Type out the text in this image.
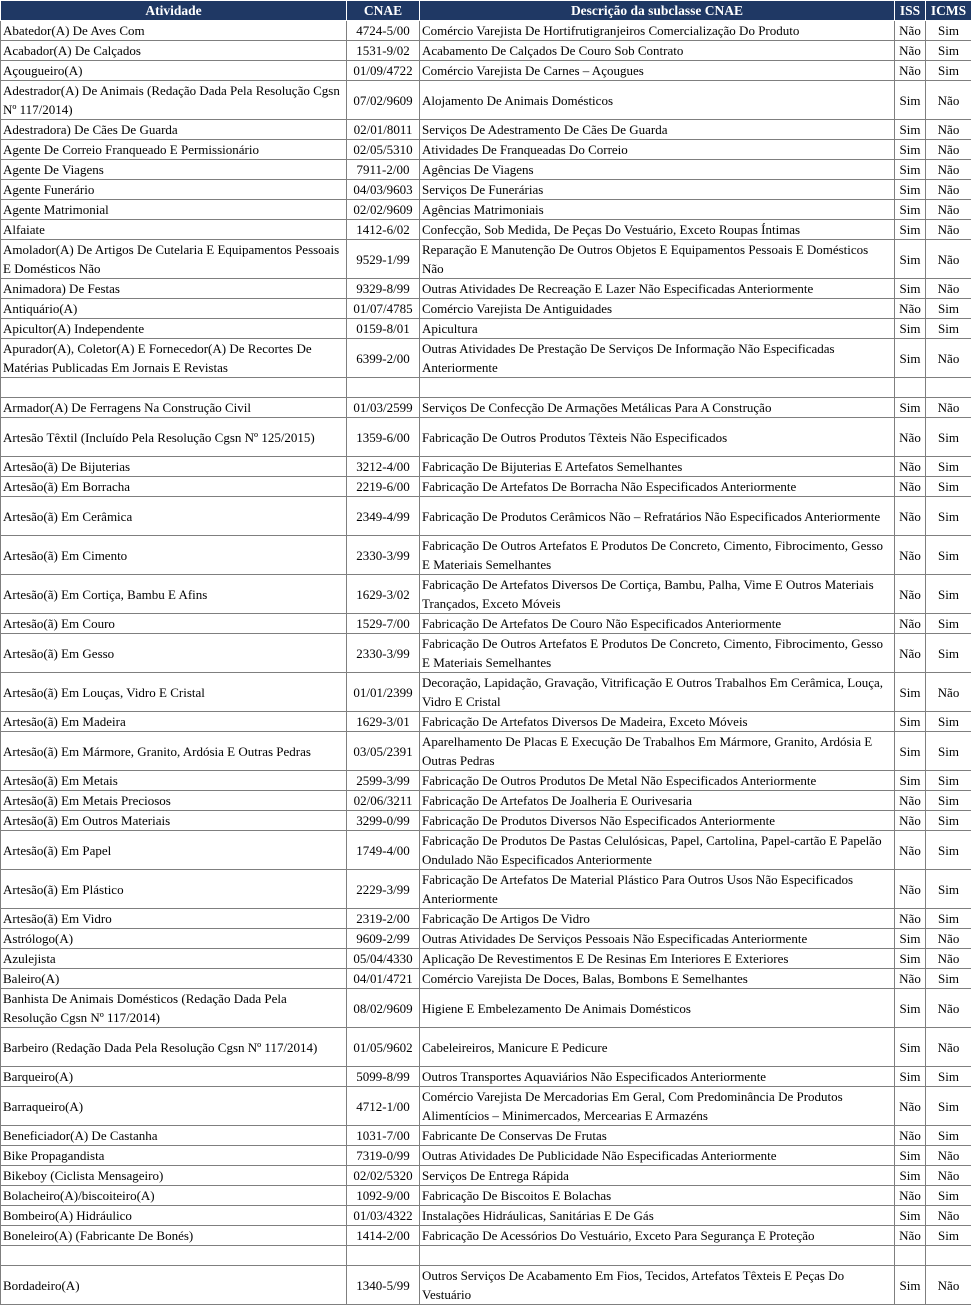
Atividade	CNAE	Descrição da subclasse CNAE	ISS	ICMS
Abatedor(A) De Aves Com	4724-5/00	Comércio Varejista De Hortifrutigranjeiros Comercialização Do Produto	Não	Sim
Acabador(A) De Calçados	1531-9/02	Acabamento De Calçados De Couro Sob Contrato	Não	Sim
Açougueiro(A)	01/09/4722	Comércio Varejista De Carnes – Açougues	Não	Sim
Adestrador(A) De Animais (Redação Dada Pela Resolução Cgsn Nº 117/2014)	07/02/9609	Alojamento De Animais Domésticos	Sim	Não
Adestradora) De Cães De Guarda	02/01/8011	Serviços De Adestramento De Cães De Guarda	Sim	Não
Agente De Correio Franqueado E Permissionário	02/05/5310	Atividades De Franqueadas Do Correio	Sim	Não
Agente De Viagens	7911-2/00	Agências De Viagens	Sim	Não
Agente Funerário	04/03/9603	Serviços De Funerárias	Sim	Não
Agente Matrimonial	02/02/9609	Agências Matrimoniais	Sim	Não
Alfaiate	1412-6/02	Confecção, Sob Medida, De Peças Do Vestuário, Exceto Roupas Íntimas	Sim	Não
Amolador(A) De Artigos De Cutelaria E Equipamentos Pessoais E Domésticos Não	9529-1/99	Reparação E Manutenção De Outros Objetos E Equipamentos Pessoais E Domésticos Não	Sim	Não
Animadora) De Festas	9329-8/99	Outras Atividades De Recreação E Lazer Não Especificadas Anteriormente	Sim	Não
Antiquário(A)	01/07/4785	Comércio Varejista De Antiguidades	Não	Sim
Apicultor(A) Independente	0159-8/01	Apicultura	Sim	Sim
Apurador(A), Coletor(A) E Fornecedor(A) De Recortes De Matérias Publicadas Em Jornais E Revistas	6399-2/00	Outras Atividades De Prestação De Serviços De Informação Não Especificadas Anteriormente	Sim	Não

Armador(A) De Ferragens Na Construção Civil	01/03/2599	Serviços De Confecção De Armações Metálicas Para A Construção	Sim	Não
Artesão Têxtil (Incluído Pela Resolução Cgsn Nº 125/2015)	1359-6/00	Fabricação De Outros Produtos Têxteis Não Especificados	Não	Sim
Artesão(ã) De Bijuterias	3212-4/00	Fabricação De Bijuterias E Artefatos Semelhantes	Não	Sim
Artesão(ã) Em Borracha	2219-6/00	Fabricação De Artefatos De Borracha Não Especificados Anteriormente	Não	Sim
Artesão(ã) Em Cerâmica	2349-4/99	Fabricação De Produtos Cerâmicos Não – Refratários Não Especificados Anteriormente	Não	Sim
Artesão(ã) Em Cimento	2330-3/99	Fabricação De Outros Artefatos E Produtos De Concreto, Cimento, Fibrocimento, Gesso E Materiais Semelhantes	Não	Sim
Artesão(ã) Em Cortiça, Bambu E Afins	1629-3/02	Fabricação De Artefatos Diversos De Cortiça, Bambu, Palha, Vime E Outros Materiais Trançados, Exceto Móveis	Não	Sim
Artesão(ã) Em Couro	1529-7/00	Fabricação De Artefatos De Couro Não Especificados Anteriormente	Não	Sim
Artesão(ã) Em Gesso	2330-3/99	Fabricação De Outros Artefatos E Produtos De Concreto, Cimento, Fibrocimento, Gesso E Materiais Semelhantes	Não	Sim
Artesão(ã) Em Louças, Vidro E Cristal	01/01/2399	Decoração, Lapidação, Gravação, Vitrificação E Outros Trabalhos Em Cerâmica, Louça, Vidro E Cristal	Sim	Não
Artesão(ã) Em Madeira	1629-3/01	Fabricação De Artefatos Diversos De Madeira, Exceto Móveis	Sim	Sim
Artesão(ã) Em Mármore, Granito, Ardósia E Outras Pedras	03/05/2391	Aparelhamento De Placas E Execução De Trabalhos Em Mármore, Granito, Ardósia E Outras Pedras	Sim	Sim
Artesão(ã) Em Metais	2599-3/99	Fabricação De Outros Produtos De Metal Não Especificados Anteriormente	Sim	Sim
Artesão(ã) Em Metais Preciosos	02/06/3211	Fabricação De Artefatos De Joalheria E Ourivesaria	Não	Sim
Artesão(ã) Em Outros Materiais	3299-0/99	Fabricação De Produtos Diversos Não Especificados Anteriormente	Não	Sim
Artesão(ã) Em Papel	1749-4/00	Fabricação De Produtos De Pastas Celulósicas, Papel, Cartolina, Papel-cartão E Papelão Ondulado Não Especificados Anteriormente	Não	Sim
Artesão(ã) Em Plástico	2229-3/99	Fabricação De Artefatos De Material Plástico Para Outros Usos Não Especificados Anteriormente	Não	Sim
Artesão(ã) Em Vidro	2319-2/00	Fabricação De Artigos De Vidro	Não	Sim
Astrólogo(A)	9609-2/99	Outras Atividades De Serviços Pessoais Não Especificadas Anteriormente	Sim	Não
Azulejista	05/04/4330	Aplicação De Revestimentos E De Resinas Em Interiores E Exteriores	Sim	Não
Baleiro(A)	04/01/4721	Comércio Varejista De Doces, Balas, Bombons E Semelhantes	Não	Sim
Banhista De Animais Domésticos (Redação Dada Pela Resolução Cgsn Nº 117/2014)	08/02/9609	Higiene E Embelezamento De Animais Domésticos	Sim	Não
Barbeiro (Redação Dada Pela Resolução Cgsn Nº 117/2014)	01/05/9602	Cabeleireiros, Manicure E Pedicure	Sim	Não
Barqueiro(A)	5099-8/99	Outros Transportes Aquaviários Não Especificados Anteriormente	Sim	Sim
Barraqueiro(A)	4712-1/00	Comércio Varejista De Mercadorias Em Geral, Com Predominância De Produtos Alimentícios – Minimercados, Mercearias E Armazéns	Não	Sim
Beneficiador(A) De Castanha	1031-7/00	Fabricante De Conservas De Frutas	Não	Sim
Bike Propagandista	7319-0/99	Outras Atividades De Publicidade Não Especificadas Anteriormente	Sim	Não
Bikeboy (Ciclista Mensageiro)	02/02/5320	Serviços De Entrega Rápida	Sim	Não
Bolacheiro(A)/biscoiteiro(A)	1092-9/00	Fabricação De Biscoitos E Bolachas	Não	Sim
Bombeiro(A) Hidráulico	01/03/4322	Instalações Hidráulicas, Sanitárias E De Gás	Sim	Não
Boneleiro(A) (Fabricante De Bonés)	1414-2/00	Fabricação De Acessórios Do Vestuário, Exceto Para Segurança E Proteção	Não	Sim

Bordadeiro(A)	1340-5/99	Outros Serviços De Acabamento Em Fios, Tecidos, Artefatos Têxteis E Peças Do Vestuário	Sim	Não
